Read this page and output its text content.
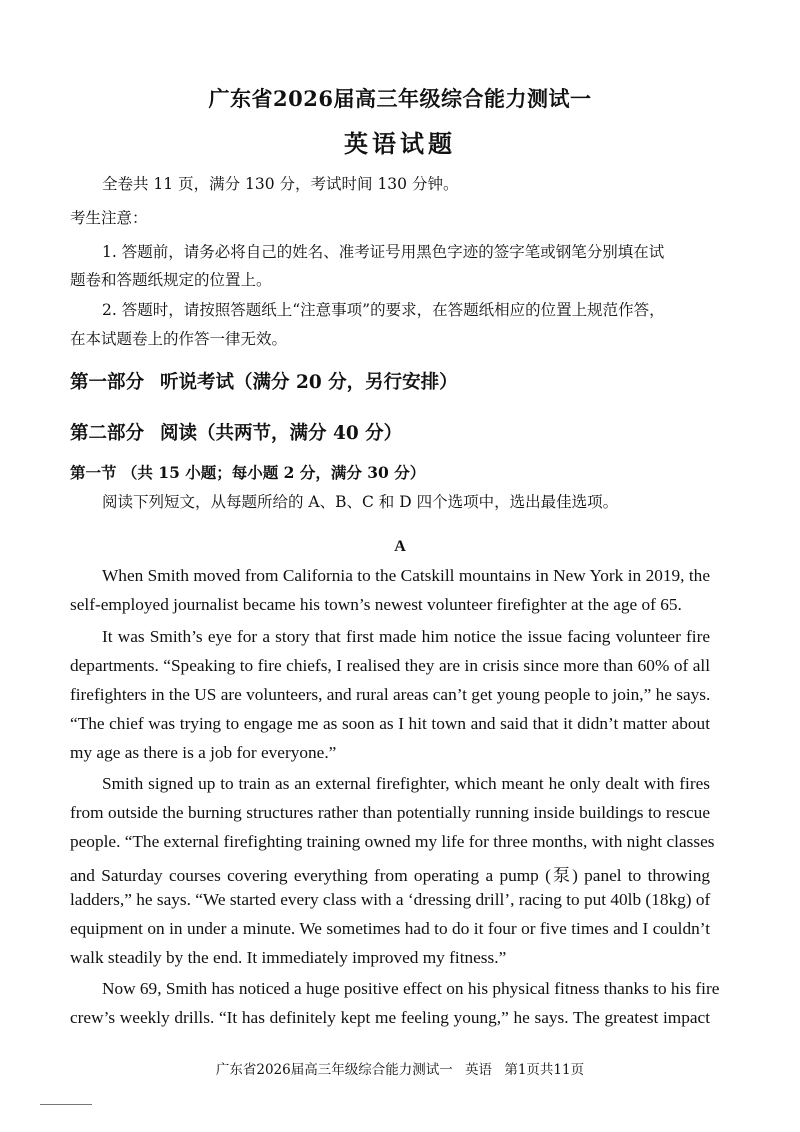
广东省2026届高三年级综合能力测试一
英语试题
全卷共 11 页，满分 130 分，考试时间 130 分钟。
考生注意：
1. 答题前，请务必将自己的姓名、准考证号用黑色字迹的签字笔或钢笔分别填在试
题卷和答题纸规定的位置上。
2. 答题时，请按照答题纸上“注意事项”的要求，在答题纸相应的位置上规范作答，
在本试题卷上的作答一律无效。
第一部分 听说考试（满分 20 分，另行安排）
第二部分 阅读（共两节，满分 40 分）
第一节 （共 15 小题；每小题 2 分，满分 30 分）
阅读下列短文，从每题所给的 A、B、C 和 D 四个选项中，选出最佳选项。
A
When Smith moved from California to the Catskill mountains in New York in 2019, the
self-employed journalist became his town’s newest volunteer firefighter at the age of 65.
It was Smith’s eye for a story that first made him notice the issue facing volunteer fire
departments. “Speaking to fire chiefs, I realised they are in crisis since more than 60% of all
firefighters in the US are volunteers, and rural areas can’t get young people to join,” he says.
“The chief was trying to engage me as soon as I hit town and said that it didn’t matter about
my age as there is a job for everyone.”
Smith signed up to train as an external firefighter, which meant he only dealt with fires
from outside the burning structures rather than potentially running inside buildings to rescue
people. “The external firefighting training owned my life for three months, with night classes
and Saturday courses covering everything from operating a pump (泵) panel to throwing
ladders,” he says. “We started every class with a ‘dressing drill’, racing to put 40lb (18kg) of
equipment on in under a minute. We sometimes had to do it four or five times and I couldn’t
walk steadily by the end. It immediately improved my fitness.”
Now 69, Smith has noticed a huge positive effect on his physical fitness thanks to his fire
crew’s weekly drills. “It has definitely kept me feeling young,” he says. The greatest impact
广东省2026届高三年级综合能力测试一 英语 第1页共11页
